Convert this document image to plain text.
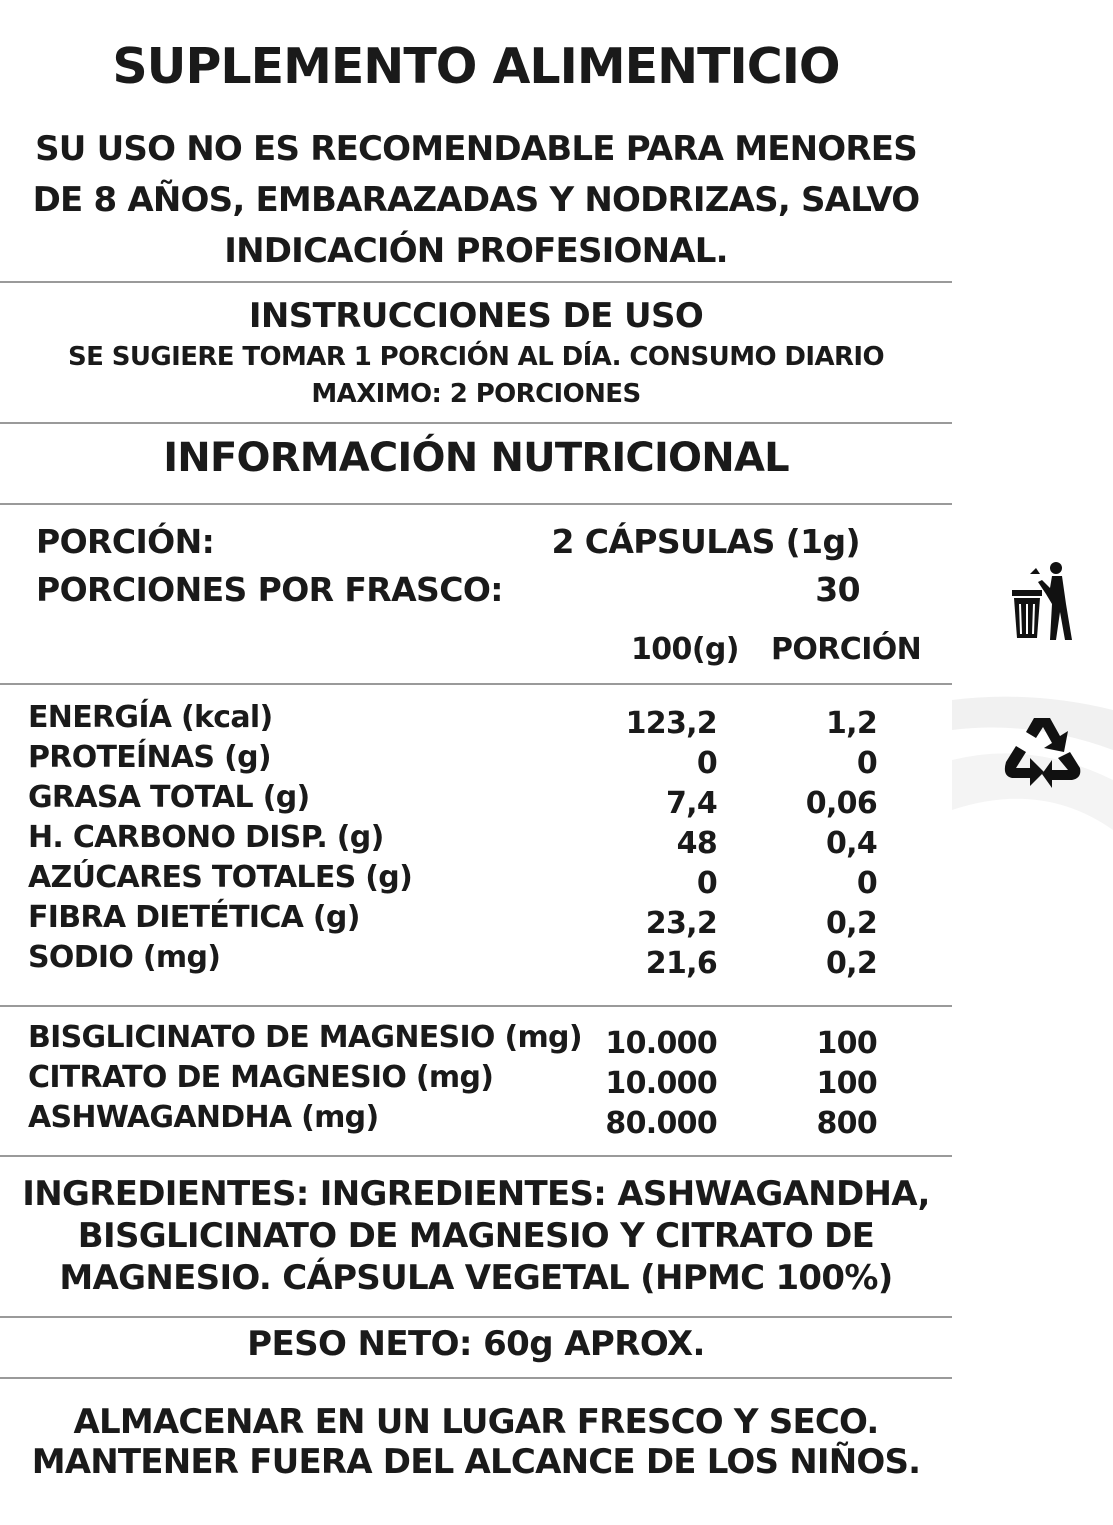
SUPLEMENTO ALIMENTICIO
SU USO NO ES RECOMENDABLE PARA MENORES
DE 8 AÑOS, EMBARAZADAS Y NODRIZAS, SALVO
INDICACIÓN PROFESIONAL.
INSTRUCCIONES DE USO
SE SUGIERE TOMAR 1 PORCIÓN AL DÍA. CONSUMO DIARIO
MAXIMO: 2 PORCIONES
INFORMACIÓN NUTRICIONAL
PORCIÓN:	2 CÁPSULAS (1g)
PORCIONES POR FRASCO:	30
100(g) PORCIÓN
ENERGÍA (kcal)	123,2	1,2
PROTEÍNAS (g)	0	0
GRASA TOTAL (g)	7,4	0,06
H. CARBONO DISP. (g)	48	0,4
AZÚCARES TOTALES (g)	0	0
FIBRA DIETÉTICA (g)	23,2	0,2
SODIO (mg)	21,6	0,2
BISGLICINATO DE MAGNESIO (mg) 10.000	100
CITRATO DE MAGNESIO (mg)	10.000	100
ASHWAGANDHA (mg)	80.000	800
INGREDIENTES: INGREDIENTES: ASHWAGANDHA,
BISGLICINATO DE MAGNESIO Y CITRATO DE
MAGNESIO. CÁPSULA VEGETAL (HPMC 100%)
PESO NETO: 60g APROX.
ALMACENAR EN UN LUGAR FRESCO Y SECO.
MANTENER FUERA DEL ALCANCE DE LOS NIÑOS.
